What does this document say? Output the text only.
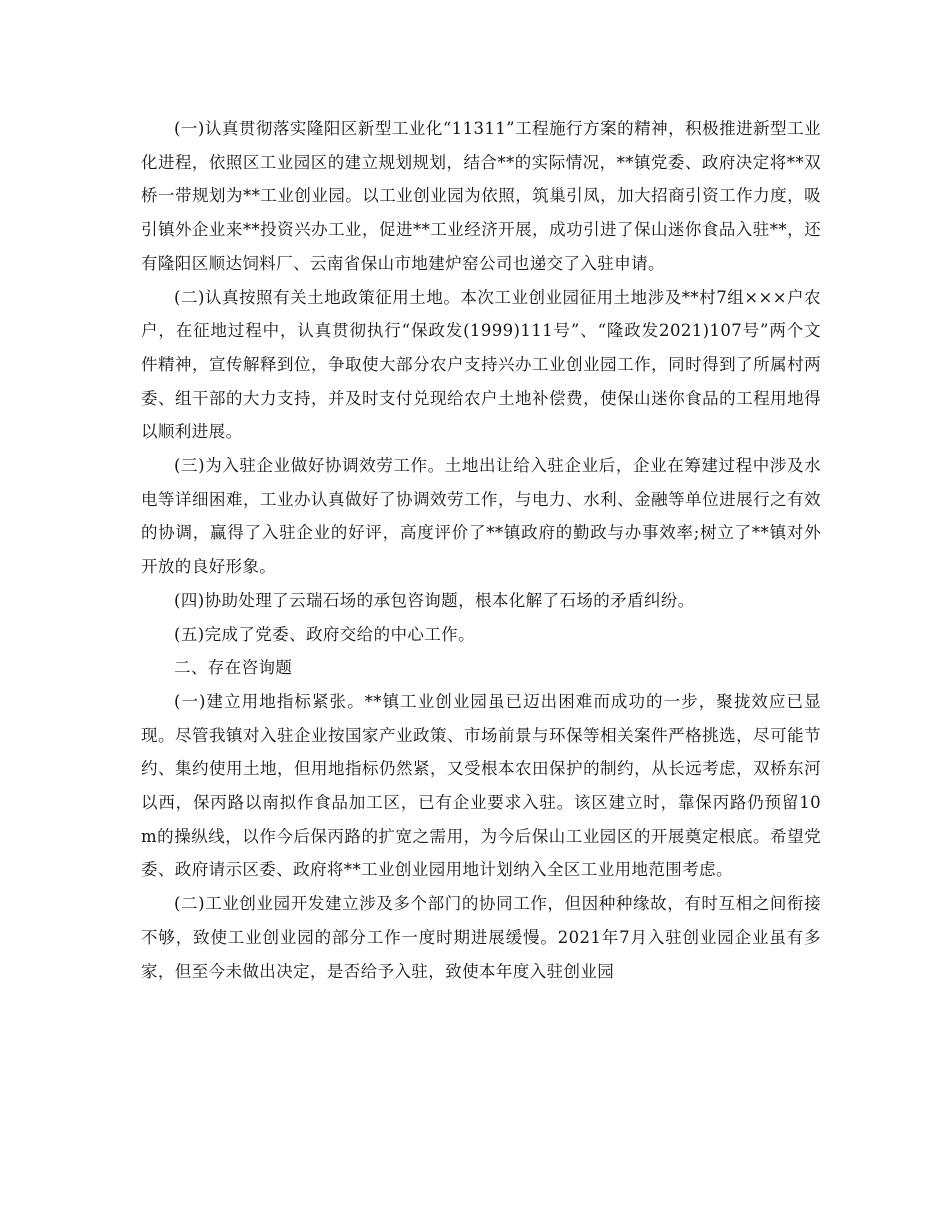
(一)认真贯彻落实隆阳区新型工业化“11311”工程施行方案的精神，积极推进新型工业化进程，依照区工业园区的建立规划规划，结合**的实际情况，**镇党委、政府决定将**双桥一带规划为**工业创业园。以工业创业园为依照，筑巢引凤，加大招商引资工作力度，吸引镇外企业来**投资兴办工业，促进**工业经济开展，成功引进了保山迷你食品入驻**，还有隆阳区顺达饲料厂、云南省保山市地建炉窑公司也递交了入驻申请。

(二)认真按照有关土地政策征用土地。本次工业创业园征用土地涉及**村7组×××户农户，在征地过程中，认真贯彻执行“保政发(1999)111号”、“隆政发2021)107号”两个文件精神，宣传解释到位，争取使大部分农户支持兴办工业创业园工作，同时得到了所属村两委、组干部的大力支持，并及时支付兑现给农户土地补偿费，使保山迷你食品的工程用地得以顺利进展。

(三)为入驻企业做好协调效劳工作。土地出让给入驻企业后，企业在筹建过程中涉及水电等详细困难，工业办认真做好了协调效劳工作，与电力、水利、金融等单位进展行之有效的协调，赢得了入驻企业的好评，高度评价了**镇政府的勤政与办事效率;树立了**镇对外开放的良好形象。

(四)协助处理了云瑞石场的承包咨询题，根本化解了石场的矛盾纠纷。

(五)完成了党委、政府交给的中心工作。

二、存在咨询题

(一)建立用地指标紧张。**镇工业创业园虽已迈出困难而成功的一步，聚拢效应已显现。尽管我镇对入驻企业按国家产业政策、市场前景与环保等相关案件严格挑选，尽可能节约、集约使用土地，但用地指标仍然紧，又受根本农田保护的制约，从长远考虑，双桥东河以西，保丙路以南拟作食品加工区，已有企业要求入驻。该区建立时，靠保丙路仍预留10m的操纵线，以作今后保丙路的扩宽之需用，为今后保山工业园区的开展奠定根底。希望党委、政府请示区委、政府将**工业创业园用地计划纳入全区工业用地范围考虑。

(二)工业创业园开发建立涉及多个部门的协同工作，但因种种缘故，有时互相之间衔接不够，致使工业创业园的部分工作一度时期进展缓慢。2021年7月入驻创业园企业虽有多家，但至今未做出决定，是否给予入驻，致使本年度入驻创业园
